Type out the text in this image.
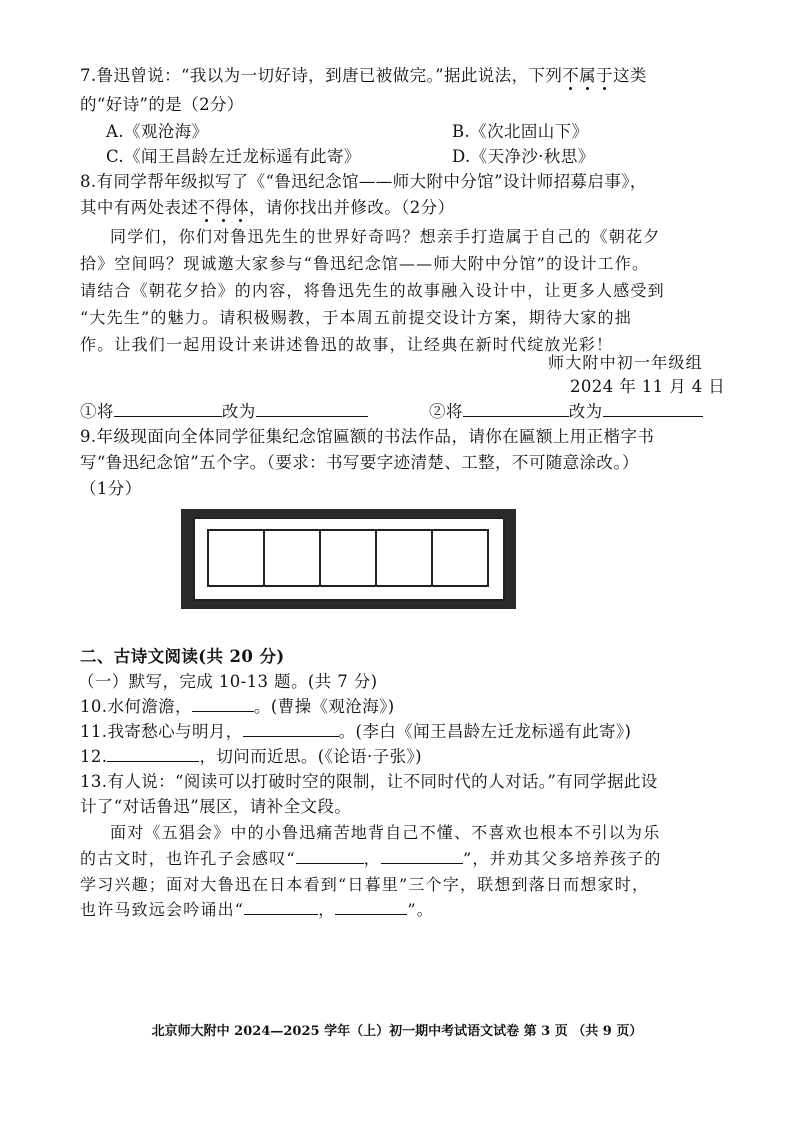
7.鲁迅曾说：“我以为一切好诗，到唐已被做完。”据此说法，下列不属于这类
的“好诗”的是（2分）
A.《观沧海》	B.《次北固山下》
C.《闻王昌龄左迁龙标遥有此寄》	D.《天净沙·秋思》
8.有同学帮年级拟写了《“鲁迅纪念馆——师大附中分馆”设计师招募启事》，
其中有两处表述不得体，请你找出并修改。（2分）
同学们，你们对鲁迅先生的世界好奇吗？想亲手打造属于自己的《朝花夕
拾》空间吗？现诚邀大家参与“鲁迅纪念馆——师大附中分馆”的设计工作。
请结合《朝花夕拾》的内容，将鲁迅先生的故事融入设计中，让更多人感受到
“大先生”的魅力。请积极赐教，于本周五前提交设计方案，期待大家的拙
作。让我们一起用设计来讲述鲁迅的故事，让经典在新时代绽放光彩！
师大附中初一年级组
2024 年 11 月 4 日
①将	改为	②将	改为
9.年级现面向全体同学征集纪念馆匾额的书法作品，请你在匾额上用正楷字书
写“鲁迅纪念馆”五个字。（要求：书写要字迹清楚、工整，不可随意涂改。）
（1分）
二、古诗文阅读(共 20 分)
（一）默写，完成 10-13 题。(共 7 分)
10.水何澹澹，	。(曹操《观沧海》)
11.我寄愁心与明月，	。(李白《闻王昌龄左迁龙标遥有此寄》)
12.	，切问而近思。(《论语·子张》)
13.有人说：“阅读可以打破时空的限制，让不同时代的人对话。”有同学据此设
计了“对话鲁迅”展区，请补全文段。
面对《五猖会》中的小鲁迅痛苦地背自己不懂、不喜欢也根本不引以为乐
的古文时，也许孔子会感叹“	，	”，并劝其父多培养孩子的
学习兴趣；面对大鲁迅在日本看到“日暮里”三个字，联想到落日而想家时，
也许马致远会吟诵出“	，	”。
北京师大附中 2024—2025 学年（上）初一期中考试语文试卷 第 3 页 （共 9 页）
